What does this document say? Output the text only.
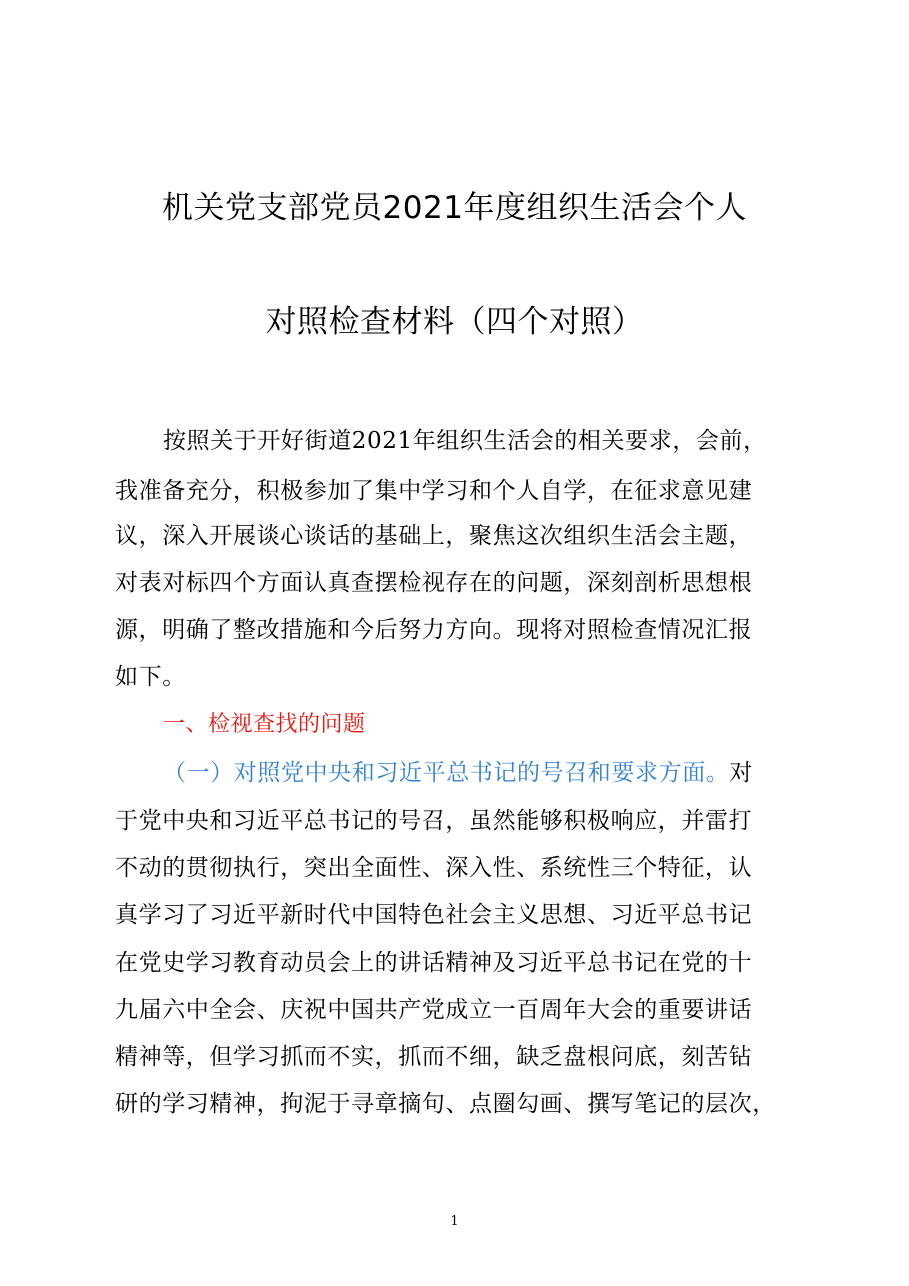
机关党支部党员2021年度组织生活会个人
对照检查材料（四个对照）
按照关于开好街道2021年组织生活会的相关要求，会前，
我准备充分，积极参加了集中学习和个人自学，在征求意见建
议，深入开展谈心谈话的基础上，聚焦这次组织生活会主题，
对表对标四个方面认真查摆检视存在的问题，深刻剖析思想根
源，明确了整改措施和今后努力方向。现将对照检查情况汇报
如下。
一、检视查找的问题
（一）对照党中央和习近平总书记的号召和要求方面。对
于党中央和习近平总书记的号召，虽然能够积极响应，并雷打
不动的贯彻执行，突出全面性、深入性、系统性三个特征，认
真学习了习近平新时代中国特色社会主义思想、习近平总书记
在党史学习教育动员会上的讲话精神及习近平总书记在党的十
九届六中全会、庆祝中国共产党成立一百周年大会的重要讲话
精神等，但学习抓而不实，抓而不细，缺乏盘根问底，刻苦钻
研的学习精神，拘泥于寻章摘句、点圈勾画、撰写笔记的层次，
1
